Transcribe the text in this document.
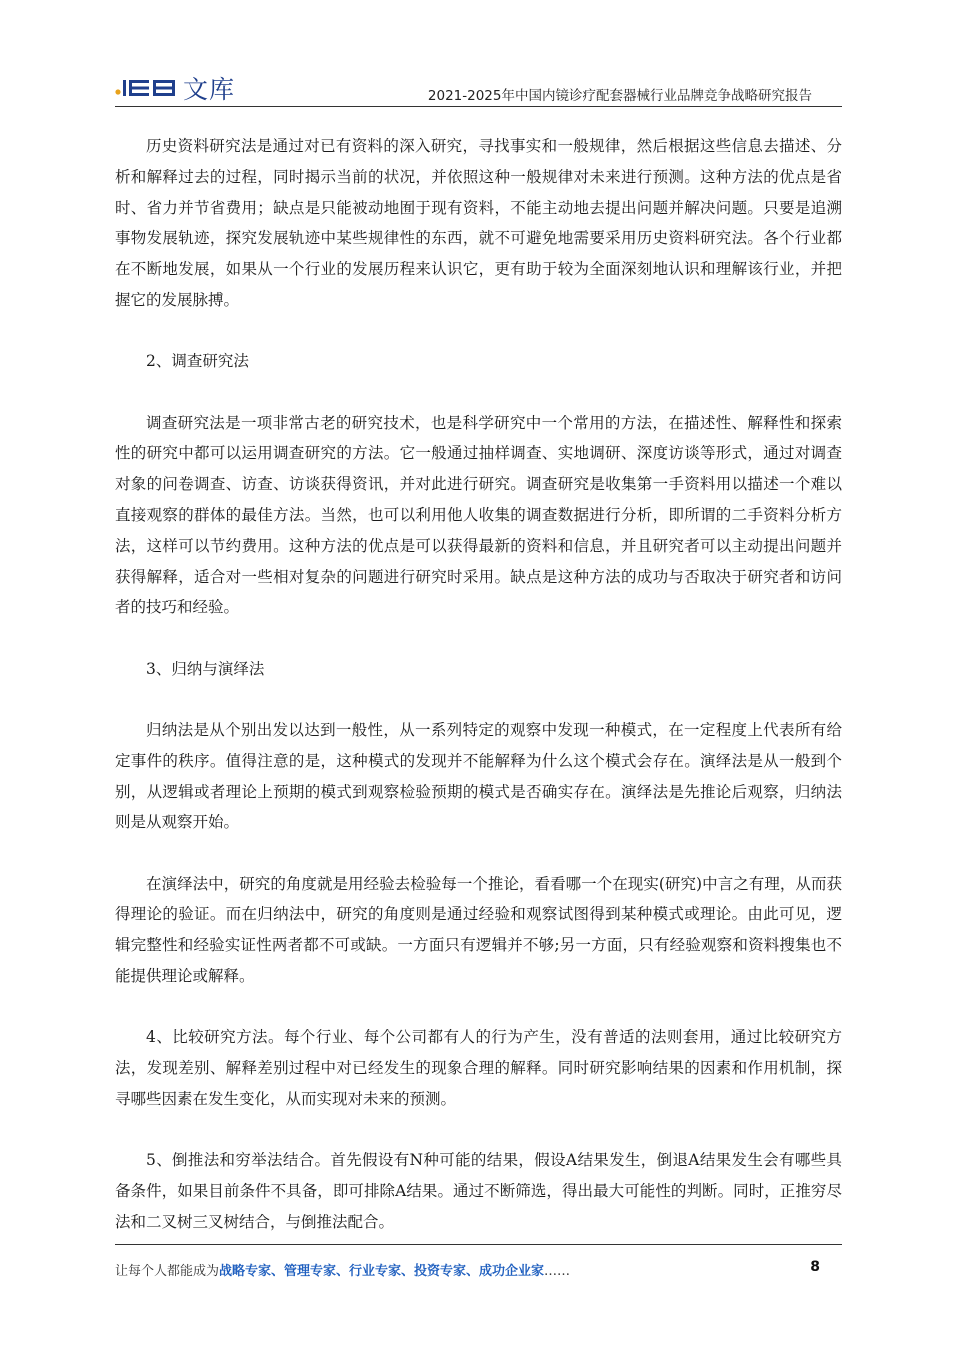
文库	2021-2025年中国内镜诊疗配套器械行业品牌竞争战略研究报告

历史资料研究法是通过对已有资料的深入研究，寻找事实和一般规律，然后根据这些信息去描述、分析和解释过去的过程，同时揭示当前的状况，并依照这种一般规律对未来进行预测。这种方法的优点是省时、省力并节省费用；缺点是只能被动地囿于现有资料，不能主动地去提出问题并解决问题。只要是追溯事物发展轨迹，探究发展轨迹中某些规律性的东西，就不可避免地需要采用历史资料研究法。各个行业都在不断地发展，如果从一个行业的发展历程来认识它，更有助于较为全面深刻地认识和理解该行业，并把握它的发展脉搏。

2、调查研究法

调查研究法是一项非常古老的研究技术，也是科学研究中一个常用的方法，在描述性、解释性和探索性的研究中都可以运用调查研究的方法。它一般通过抽样调查、实地调研、深度访谈等形式，通过对调查对象的问卷调查、访查、访谈获得资讯，并对此进行研究。调查研究是收集第一手资料用以描述一个难以直接观察的群体的最佳方法。当然，也可以利用他人收集的调查数据进行分析，即所谓的二手资料分析方法，这样可以节约费用。这种方法的优点是可以获得最新的资料和信息，并且研究者可以主动提出问题并获得解释，适合对一些相对复杂的问题进行研究时采用。缺点是这种方法的成功与否取决于研究者和访问者的技巧和经验。

3、归纳与演绎法

归纳法是从个别出发以达到一般性，从一系列特定的观察中发现一种模式，在一定程度上代表所有给定事件的秩序。值得注意的是，这种模式的发现并不能解释为什么这个模式会存在。演绎法是从一般到个别，从逻辑或者理论上预期的模式到观察检验预期的模式是否确实存在。演绎法是先推论后观察，归纳法则是从观察开始。

在演绎法中，研究的角度就是用经验去检验每一个推论，看看哪一个在现实(研究)中言之有理，从而获得理论的验证。而在归纳法中，研究的角度则是通过经验和观察试图得到某种模式或理论。由此可见，逻辑完整性和经验实证性两者都不可或缺。一方面只有逻辑并不够;另一方面，只有经验观察和资料搜集也不能提供理论或解释。

4、比较研究方法。每个行业、每个公司都有人的行为产生，没有普适的法则套用，通过比较研究方法，发现差别、解释差别过程中对已经发生的现象合理的解释。同时研究影响结果的因素和作用机制，探寻哪些因素在发生变化，从而实现对未来的预测。

5、倒推法和穷举法结合。首先假设有N种可能的结果，假设A结果发生，倒退A结果发生会有哪些具备条件，如果目前条件不具备，即可排除A结果。通过不断筛选，得出最大可能性的判断。同时，正推穷尽法和二叉树三叉树结合，与倒推法配合。

让每个人都能成为战略专家、管理专家、行业专家、投资专家、成功企业家……	8
